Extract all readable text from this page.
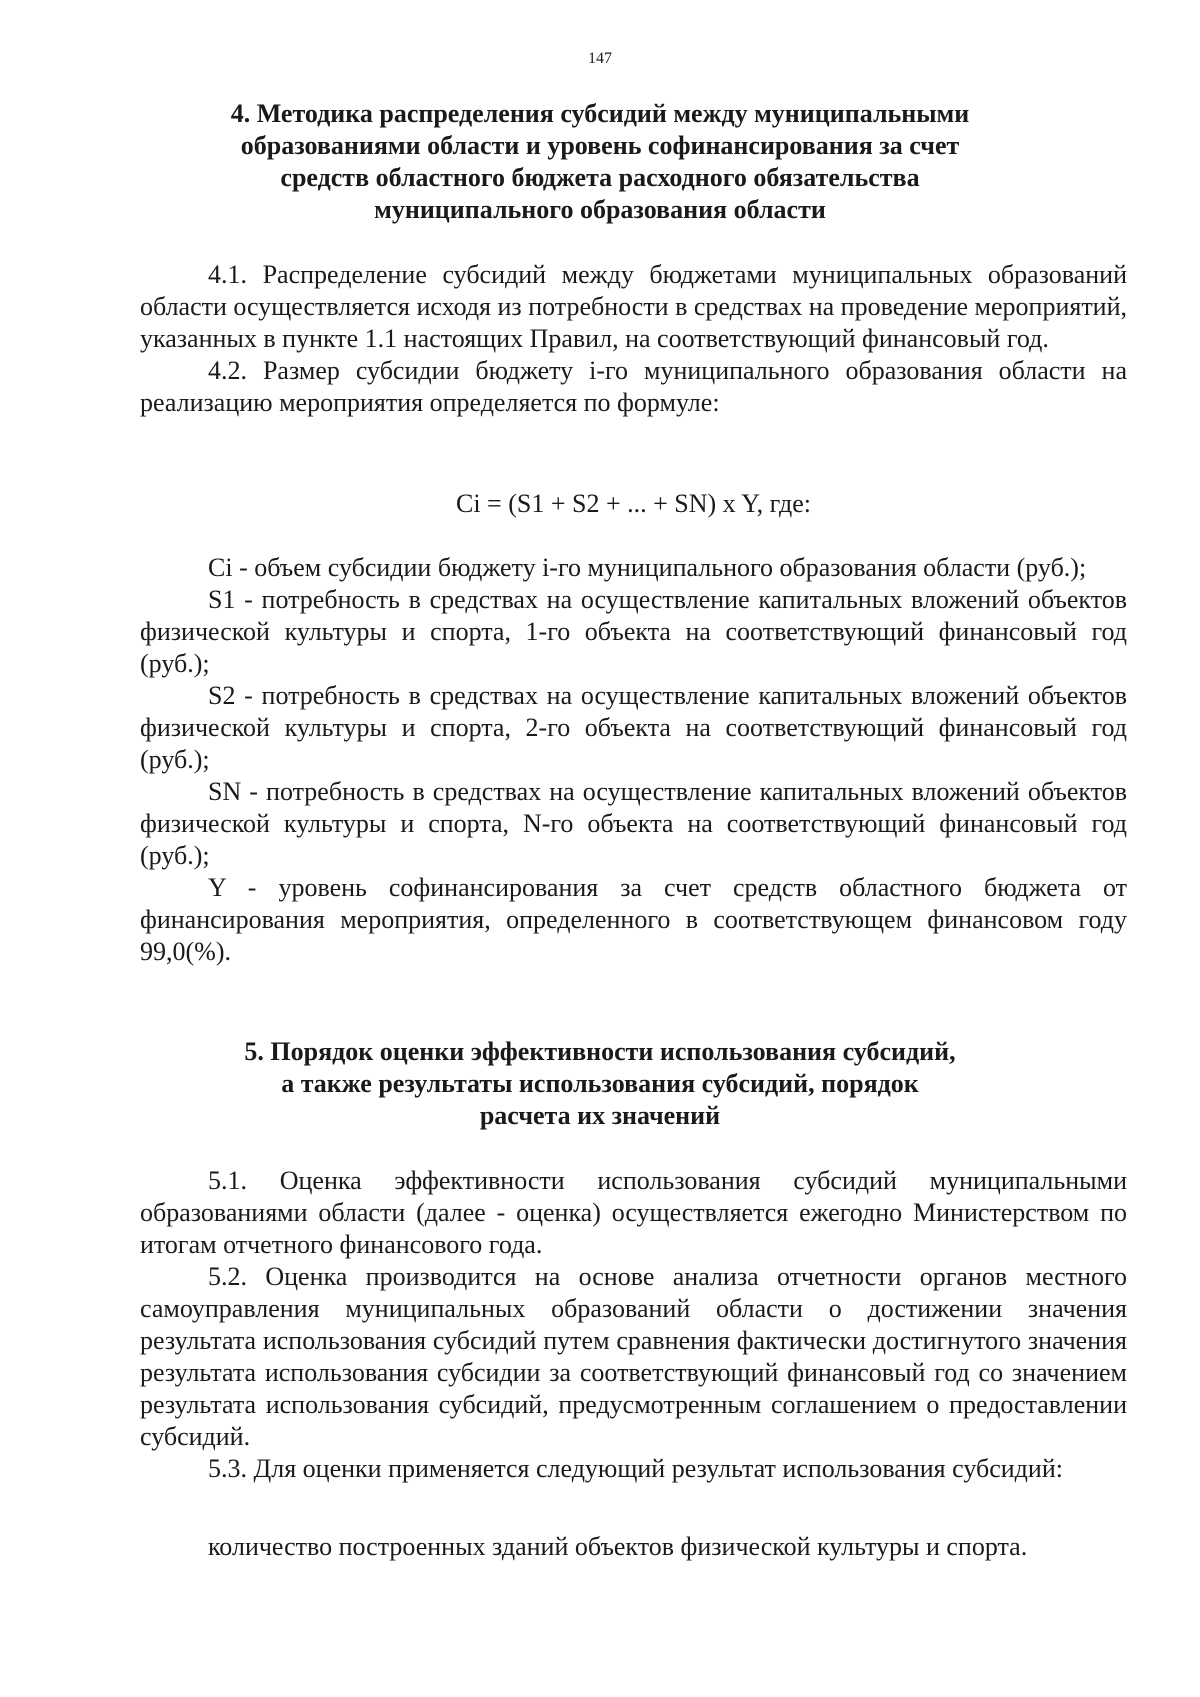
147
4. Методика распределения субсидий между муниципальными
образованиями области и уровень софинансирования за счет
средств областного бюджета расходного обязательства
муниципального образования области

4.1. Распределение субсидий между бюджетами муниципальных образований области осуществляется исходя из потребности в средствах на проведение мероприятий, указанных в пункте 1.1 настоящих Правил, на соответствующий финансовый год.

4.2. Размер субсидии бюджету i-го муниципального образования области на реализацию мероприятия определяется по формуле:

Ci = (S1 + S2 + ... + SN) x Y, где:

Ci - объем субсидии бюджету i-го муниципального образования области (руб.);

S1 - потребность в средствах на осуществление капитальных вложений объектов физической культуры и спорта, 1-го объекта на соответствующий финансовый год (руб.);

S2 - потребность в средствах на осуществление капитальных вложений объектов физической культуры и спорта, 2-го объекта на соответствующий финансовый год (руб.);

SN - потребность в средствах на осуществление капитальных вложений объектов физической культуры и спорта, N-го объекта на соответствующий финансовый год (руб.);

Y - уровень софинансирования за счет средств областного бюджета от финансирования мероприятия, определенного в соответствующем финансовом году 99,0(%).

5. Порядок оценки эффективности использования субсидий,
а также результаты использования субсидий, порядок
расчета их значений

5.1. Оценка эффективности использования субсидий муниципальными образованиями области (далее - оценка) осуществляется ежегодно Министерством по итогам отчетного финансового года.

5.2. Оценка производится на основе анализа отчетности органов местного самоуправления муниципальных образований области о достижении значения результата использования субсидий путем сравнения фактически достигнутого значения результата использования субсидии за соответствующий финансовый год со значением результата использования субсидий, предусмотренным соглашением о предоставлении субсидий.

5.3. Для оценки применяется следующий результат использования субсидий:

количество построенных зданий объектов физической культуры и спорта.
